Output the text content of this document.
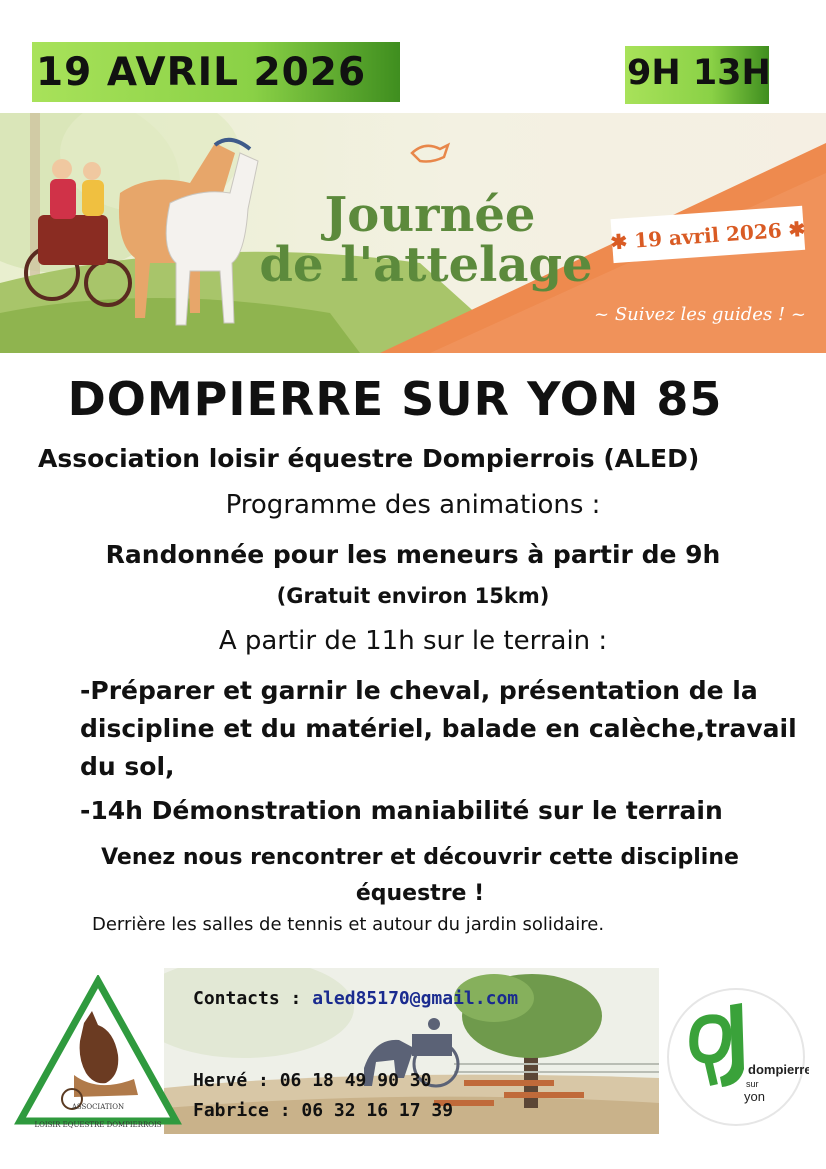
19 AVRIL 2026	9H 13H
Journée
de l'attelage
✱ 19 avril 2026 ✱
~ Suivez les guides ! ~
DOMPIERRE SUR YON 85
Association loisir équestre Dompierrois (ALED)
Programme des animations :
Randonnée pour les meneurs à partir de 9h
(Gratuit environ 15km)
A partir de 11h sur le terrain :
-Préparer et garnir le cheval, présentation de la discipline et du matériel, balade en calèche,travail du sol,
-14h Démonstration maniabilité sur le terrain
Venez nous rencontrer et découvrir cette discipline équestre !
Derrière les salles de tennis et autour du jardin solidaire.
ASSOCIATION
LOISIR EQUESTRE DOMPIERROIS
Contacts : aled85170@gmail.com
Hervé : 06 18 49 90 30
Fabrice : 06 32 16 17 39
dompierre
sur
yon
